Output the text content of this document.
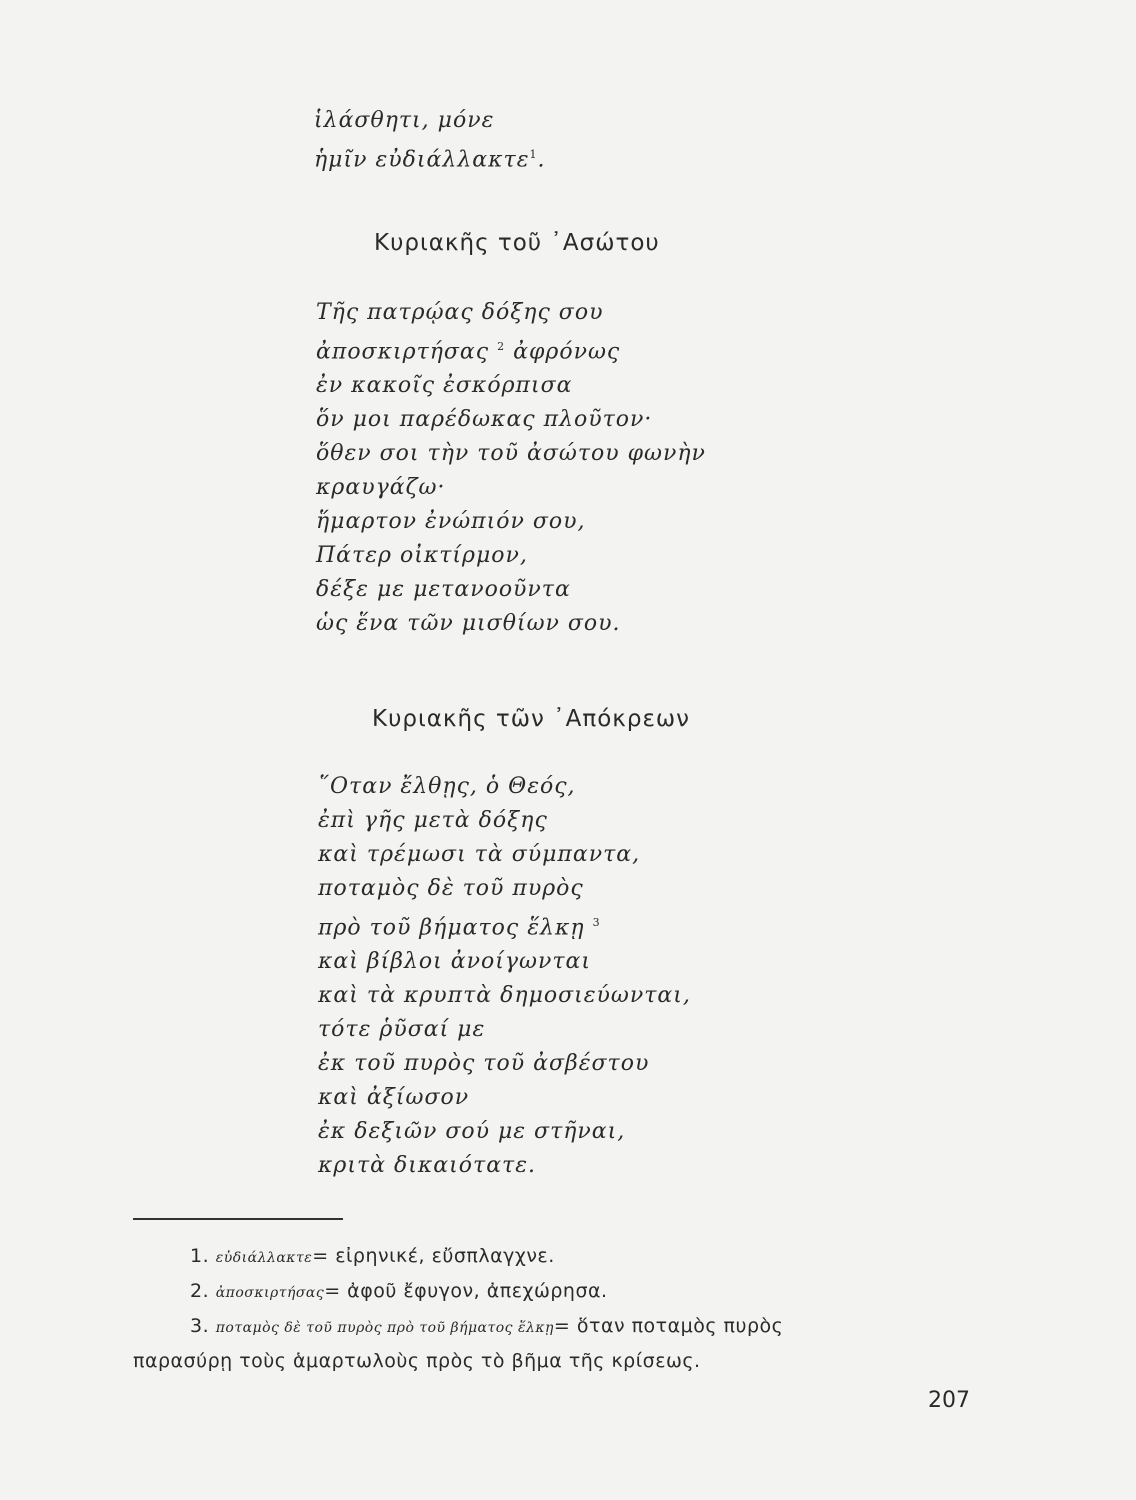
ἱλάσθητι, μόνε
ἡμῖν εὐδιάλλακτε$^1$.
Κυριακῆς τοῦ ᾿Ασώτου
Τῆς πατρῴας δόξης σου
ἀποσκιρτήσας $^2$ ἀφρόνως
ἐν κακοῖς ἐσκόρπισα
ὅν μοι παρέδωκας πλοῦτον·
ὅθεν σοι τὴν τοῦ ἀσώτου φωνὴν
κραυγάζω·
ἥμαρτον ἐνώπιόν σου,
Πάτερ οἰκτίρμον,
δέξε με μετανοοῦντα
ὡς ἕνα τῶν μισθίων σου.
Κυριακῆς τῶν ᾿Απόκρεων
῞Οταν ἔλθῃς, ὁ Θεός,
ἐπὶ γῆς μετὰ δόξης
καὶ τρέμωσι τὰ σύμπαντα,
ποταμὸς δὲ τοῦ πυρὸς
πρὸ τοῦ βήματος ἕλκῃ $^3$
καὶ βίβλοι ἀνοίγωνται
καὶ τὰ κρυπτὰ δημοσιεύωνται,
τότε ῥῦσαί με
ἐκ τοῦ πυρὸς τοῦ ἀσβέστου
καὶ ἀξίωσον
ἐκ δεξιῶν σού με στῆναι,
κριτὰ δικαιότατε.
1. εὐδιάλλακτε= εἰρηνικέ, εὔσπλαγχνε.
2. ἀποσκιρτήσας= ἀφοῦ ἔφυγον, ἀπεχώρησα.
3. ποταμὸς δὲ τοῦ πυρὸς πρὸ τοῦ βήματος ἕλκῃ= ὅταν ποταμὸς πυρὸς
παρασύρῃ τοὺς ἁμαρτωλοὺς πρὸς τὸ βῆμα τῆς κρίσεως.
207
